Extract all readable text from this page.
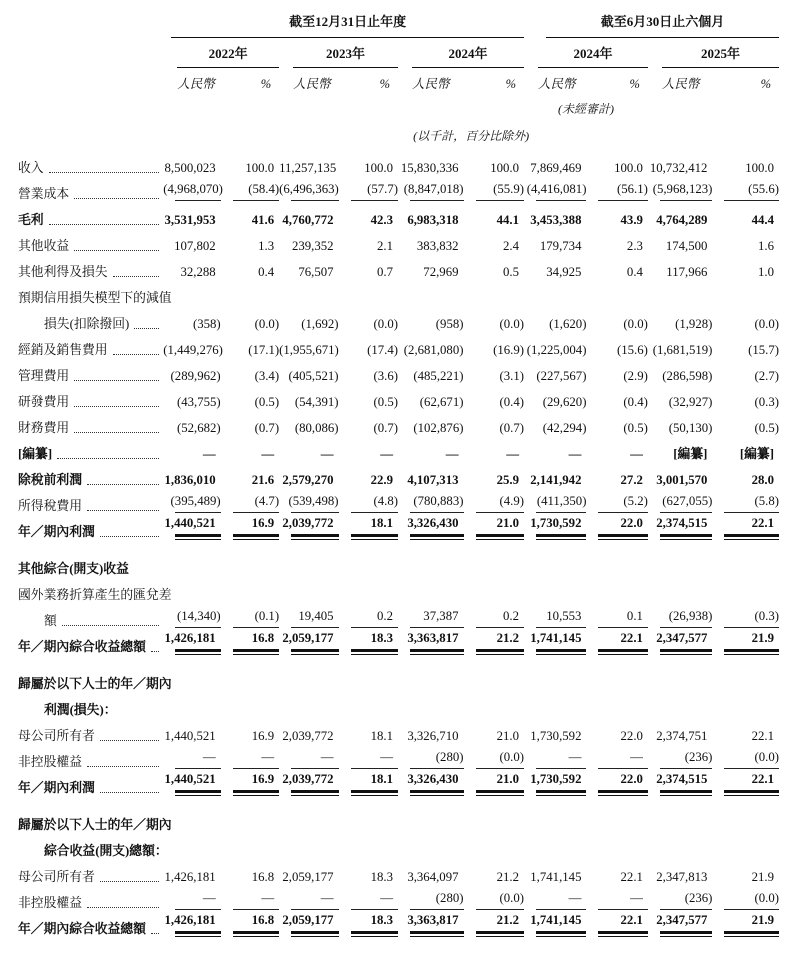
	截至12月31日止年度						截至6月30日止六個月			

	2022年		2023年		2024年		2024年		2025年	

	人民幣	%	人民幣	%	人民幣	%	人民幣	%	人民幣	%
							(未經審計)			
	(以千計，百分比除外)									

收入	8,500,023	100.0	11,257,135	100.0	15,830,336	100.0	7,869,469	100.0	10,732,412	100.0

營業成本	(4,968,070)	(58.4)	(6,496,363)	(57.7)	(8,847,018)	(55.9)	(4,416,081)	(56.1)	(5,968,123)	(55.6)

毛利	3,531,953	41.6	4,760,772	42.3	6,983,318	44.1	3,453,388	43.9	4,764,289	44.4

其他收益	107,802	1.3	239,352	2.1	383,832	2.4	179,734	2.3	174,500	1.6

其他利得及損失	32,288	0.4	76,507	0.7	72,969	0.5	34,925	0.4	117,966	1.0

預期信用損失模型下的減值										

損失(扣除撥回)	(358)	(0.0)	(1,692)	(0.0)	(958)	(0.0)	(1,620)	(0.0)	(1,928)	(0.0)

經銷及銷售費用	(1,449,276)	(17.1)	(1,955,671)	(17.4)	(2,681,080)	(16.9)	(1,225,004)	(15.6)	(1,681,519)	(15.7)

管理費用	(289,962)	(3.4)	(405,521)	(3.6)	(485,221)	(3.1)	(227,567)	(2.9)	(286,598)	(2.7)

研發費用	(43,755)	(0.5)	(54,391)	(0.5)	(62,671)	(0.4)	(29,620)	(0.4)	(32,927)	(0.3)

財務費用	(52,682)	(0.7)	(80,086)	(0.7)	(102,876)	(0.7)	(42,294)	(0.5)	(50,130)	(0.5)

[編纂]	—	—	—	—	—	—	—	—	[編纂]	[編纂]

除稅前利潤	1,836,010	21.6	2,579,270	22.9	4,107,313	25.9	2,141,942	27.2	3,001,570	28.0

所得稅費用	(395,489)	(4.7)	(539,498)	(4.8)	(780,883)	(4.9)	(411,350)	(5.2)	(627,055)	(5.8)

年／期內利潤	1,440,521	16.9	2,039,772	18.1	3,326,430	21.0	1,730,592	22.0	2,374,515	22.1

其他綜合(開支)收益										

國外業務折算產生的匯兌差										

額	(14,340)	(0.1)	19,405	0.2	37,387	0.2	10,553	0.1	(26,938)	(0.3)

年／期內綜合收益總額	1,426,181	16.8	2,059,177	18.3	3,363,817	21.2	1,741,145	22.1	2,347,577	21.9

歸屬於以下人士的年／期內										

利潤(損失)：										

母公司所有者	1,440,521	16.9	2,039,772	18.1	3,326,710	21.0	1,730,592	22.0	2,374,751	22.1

非控股權益	—	—	—	—	(280)	(0.0)	—	—	(236)	(0.0)

年／期內利潤	1,440,521	16.9	2,039,772	18.1	3,326,430	21.0	1,730,592	22.0	2,374,515	22.1

歸屬於以下人士的年／期內										

綜合收益(開支)總額：										

母公司所有者	1,426,181	16.8	2,059,177	18.3	3,364,097	21.2	1,741,145	22.1	2,347,813	21.9

非控股權益	—	—	—	—	(280)	(0.0)	—	—	(236)	(0.0)

年／期內綜合收益總額	1,426,181	16.8	2,059,177	18.3	3,363,817	21.2	1,741,145	22.1	2,347,577	21.9
